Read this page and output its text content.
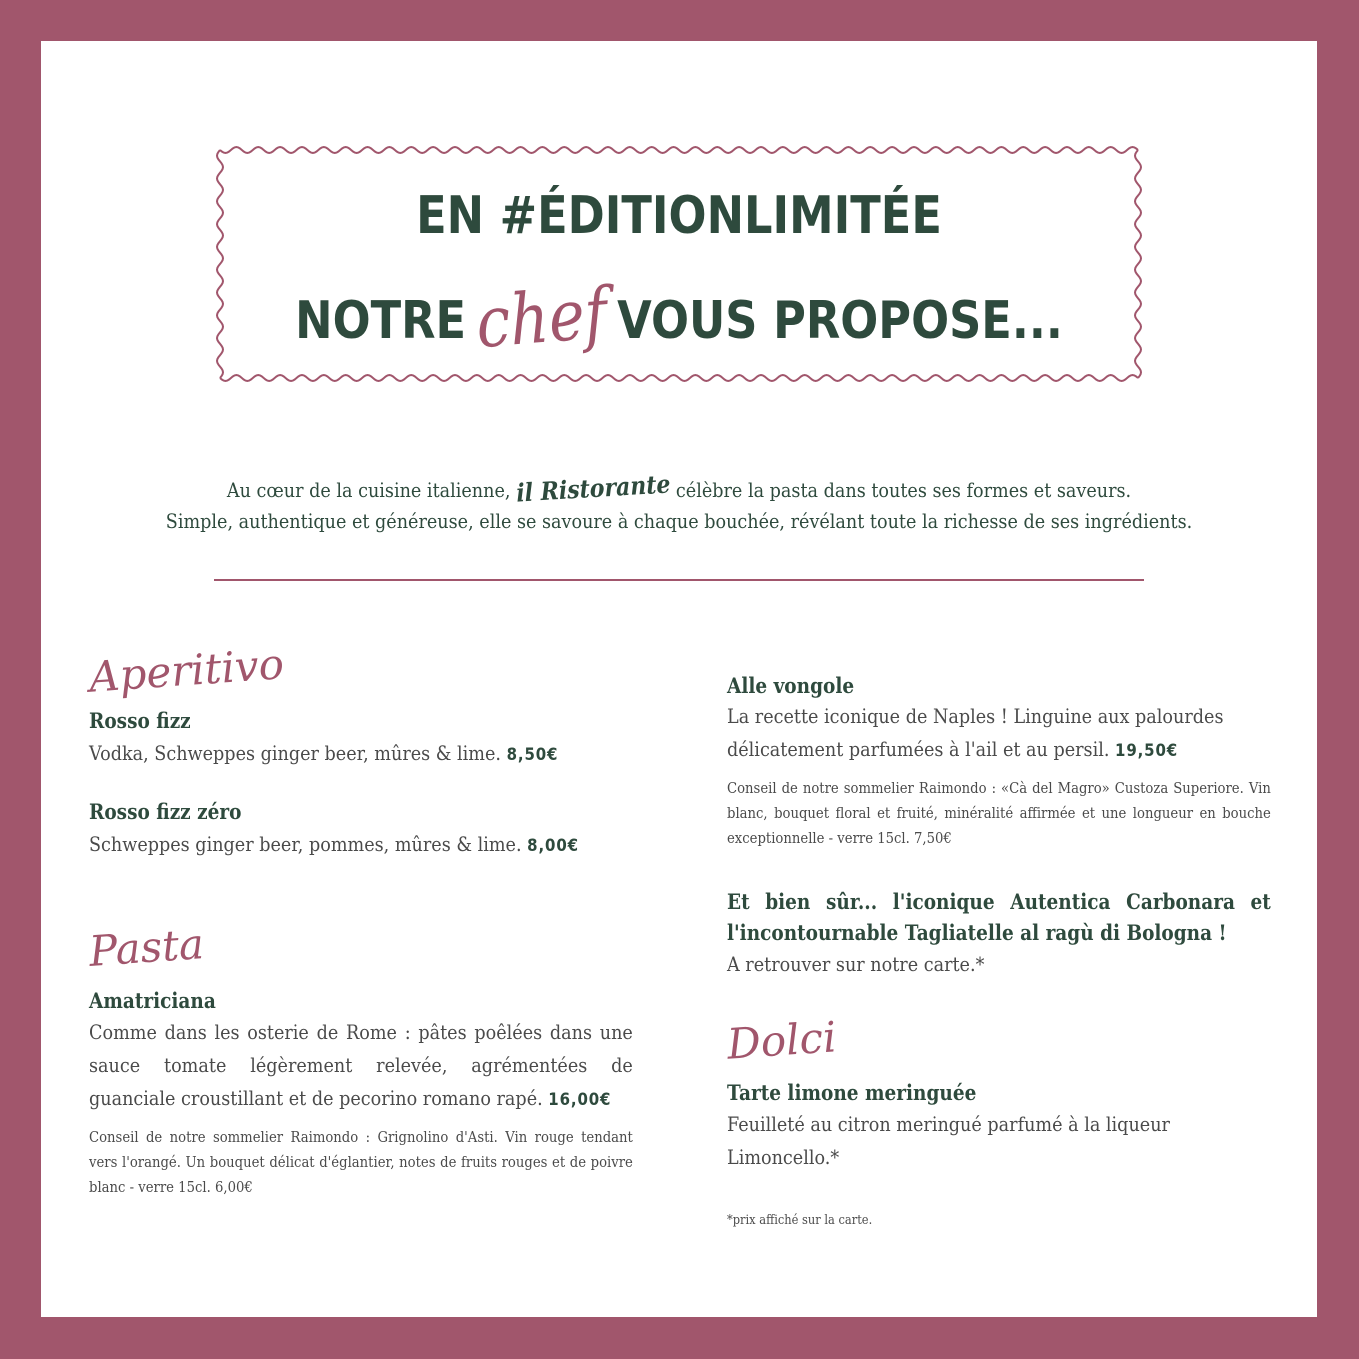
EN #ÉDITIONLIMITÉE
NOTRE chef VOUS PROPOSE...
Au cœur de la cuisine italienne, il Ristorante célèbre la pasta dans toutes ses formes et saveurs.
Simple, authentique et généreuse, elle se savoure à chaque bouchée, révélant toute la richesse de ses ingrédients.
Aperitivo
Rosso fizz
Vodka, Schweppes ginger beer, mûres & lime. 8,50€
Rosso fizz zéro
Schweppes ginger beer, pommes, mûres & lime. 8,00€
Pasta
Amatriciana
Comme dans les osterie de Rome : pâtes poêlées dans une sauce tomate légèrement relevée, agrémentées de guanciale croustillant et de pecorino romano rapé. 16,00€
Conseil de notre sommelier Raimondo : Grignolino d'Asti. Vin rouge tendant vers l'orangé. Un bouquet délicat d'églantier, notes de fruits rouges et de poivre blanc - verre 15cl. 6,00€
Alle vongole
La recette iconique de Naples ! Linguine aux palourdes délicatement parfumées à l'ail et au persil. 19,50€
Conseil de notre sommelier Raimondo : «Cà del Magro» Custoza Superiore. Vin blanc, bouquet floral et fruité, minéralité affirmée et une longueur en bouche exceptionnelle - verre 15cl. 7,50€
Et bien sûr... l'iconique Autentica Carbonara et l'incontournable Tagliatelle al ragù di Bologna !
A retrouver sur notre carte.*
Dolci
Tarte limone meringuée
Feuilleté au citron meringué parfumé à la liqueur Limoncello.*
*prix affiché sur la carte.
